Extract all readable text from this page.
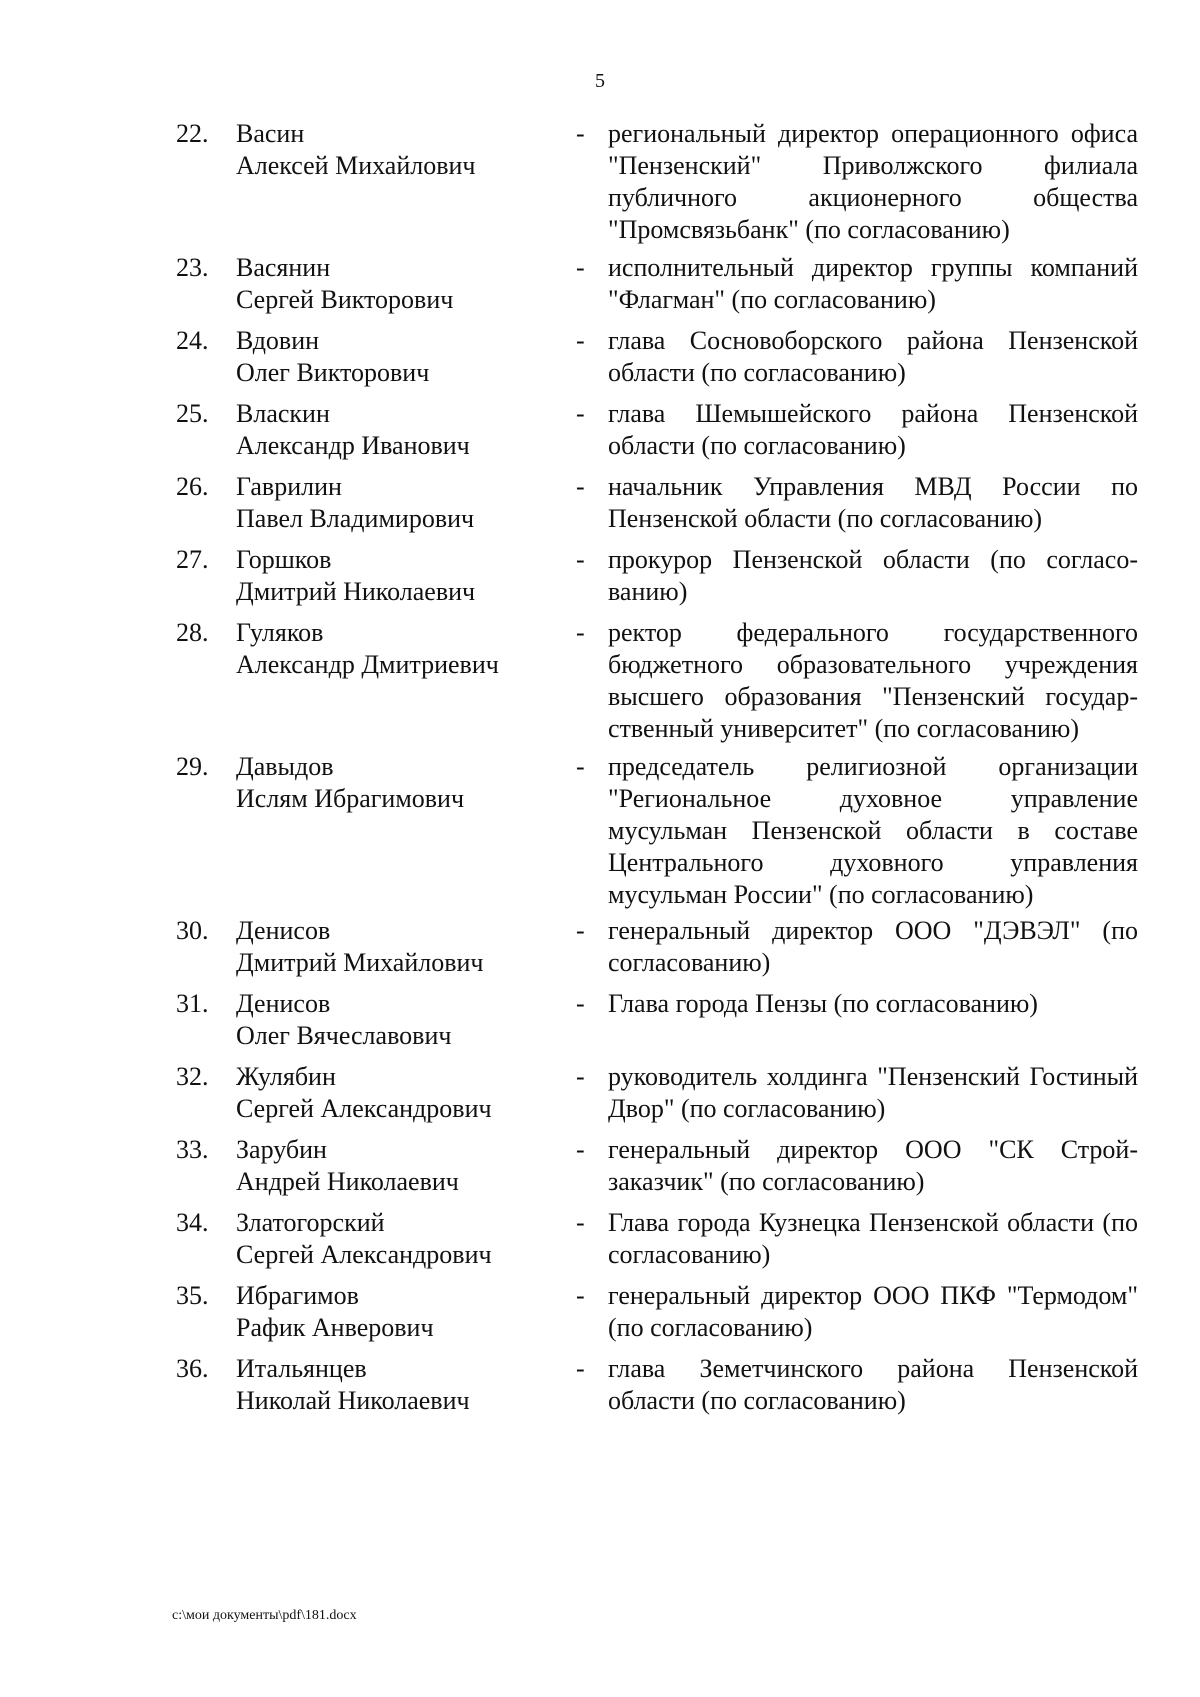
5
22.	Васин
Алексей Михайлович
- региональный директор операционного офиса "Пензенский" Приволжского филиала публичного акционерного общества "Промсвязьбанк" (по согласованию)
23.	Васянин
Сергей Викторович
- исполнительный директор группы компаний "Флагман" (по согласованию)
24.	Вдовин
Олег Викторович
- глава Сосновоборского района Пензенской области (по согласованию)
25.	Власкин
Александр Иванович
- глава Шемышейского района Пензенской области (по согласованию)
26.	Гаврилин
Павел Владимирович
- начальник Управления МВД России по Пензенской области (по согласованию)
27.	Горшков
Дмитрий Николаевич
- прокурор Пензенской области (по согласованию)
28.	Гуляков
Александр Дмитриевич
- ректор федерального государственного бюджетного образовательного учреждения высшего образования "Пензенский государственный университет" (по согласованию)
29.	Давыдов
Ислям Ибрагимович
- председатель религиозной организации "Региональное духовное управление мусульман Пензенской области в составе Центрального духовного управления мусульман России" (по согласованию)
30.	Денисов
Дмитрий Михайлович
- генеральный директор ООО "ДЭВЭЛ" (по согласованию)
31.	Денисов
Олег Вячеславович
- Глава города Пензы (по согласованию)
32.	Жулябин
Сергей Александрович
- руководитель холдинга "Пензенский Гостиный Двор" (по согласованию)
33.	Зарубин
Андрей Николаевич
- генеральный директор ООО "СК Стройзаказчик" (по согласованию)
34.	Златогорский
Сергей Александрович
- Глава города Кузнецка Пензенской области (по согласованию)
35.	Ибрагимов
Рафик Анверович
- генеральный директор ООО ПКФ "Термодом" (по согласованию)
36.	Итальянцев
Николай Николаевич
- глава Земетчинского района Пензенской области (по согласованию)
c:\мои документы\pdf\181.docx
